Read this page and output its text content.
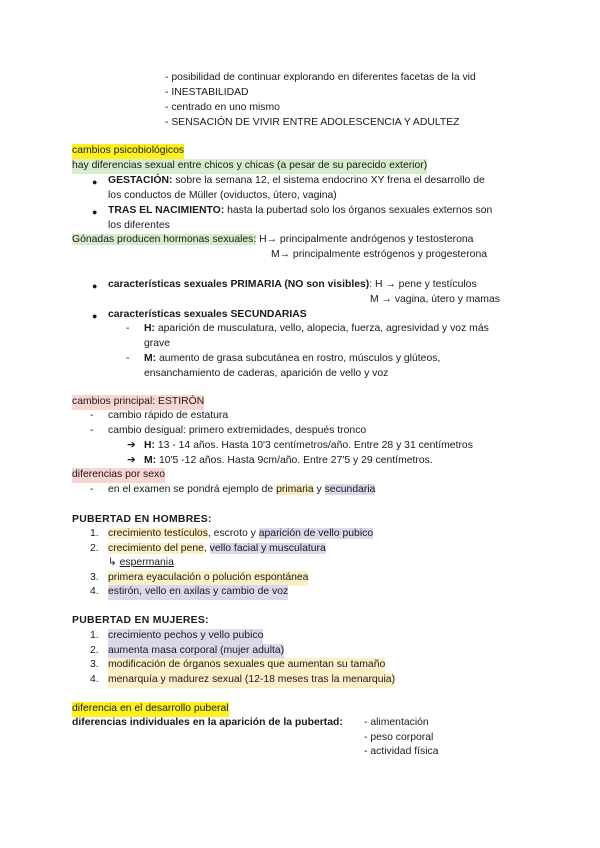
- posibilidad de continuar explorando en diferentes facetas de la vid
- INESTABILIDAD
- centrado en uno mismo
- SENSACIÓN DE VIVIR ENTRE ADOLESCENCIA Y ADULTEZ
cambios psicobiológicos
hay diferencias sexual entre chicos y chicas (a pesar de su parecido exterior)
● GESTACIÓN: sobre la semana 12, el sistema endocrino XY frena el desarrollo de
los conductos de Müller (oviductos, útero, vagina)
● TRAS EL NACIMIENTO: hasta la pubertad solo los órganos sexuales externos son
los diferentes
Gónadas producen hormonas sexuales: H→ principalmente andrógenos y testosterona
M→ principalmente estrógenos y progesterona
● características sexuales PRIMARIA (NO son visibles): H → pene y testículos
M → vagina, útero y mamas
● características sexuales SECUNDARIAS
- H: aparición de musculatura, vello, alopecia, fuerza, agresividad y voz más
grave
- M: aumento de grasa subcutánea en rostro, músculos y glúteos,
ensanchamiento de caderas, aparición de vello y voz
cambios principal: ESTIRÓN
- cambio rápido de estatura
- cambio desigual: primero extremidades, después tronco
➔ H: 13 - 14 años. Hasta 10'3 centímetros/año. Entre 28 y 31 centímetros
➔ M: 10'5 -12 años. Hasta 9cm/año. Entre 27'5 y 29 centímetros.
diferencias por sexo
- en el examen se pondrá ejemplo de primaria y secundaria
PUBERTAD EN HOMBRES:
1. crecimiento testículos, escroto y aparición de vello pubico
2. crecimiento del pene, vello facial y musculatura
↳ espermania
3. primera eyaculación o polución espontánea
4. estirón, vello en axilas y cambio de voz
PUBERTAD EN MUJERES:
1. crecimiento pechos y vello pubico
2. aumenta masa corporal (mujer adulta)
3. modificación de órganos sexuales que aumentan su tamaño
4. menarquía y madurez sexual (12-18 meses tras la menarquia)
diferencia en el desarrollo puberal
diferencias individuales en la aparición de la pubertad: - alimentación
- peso corporal
- actividad física
